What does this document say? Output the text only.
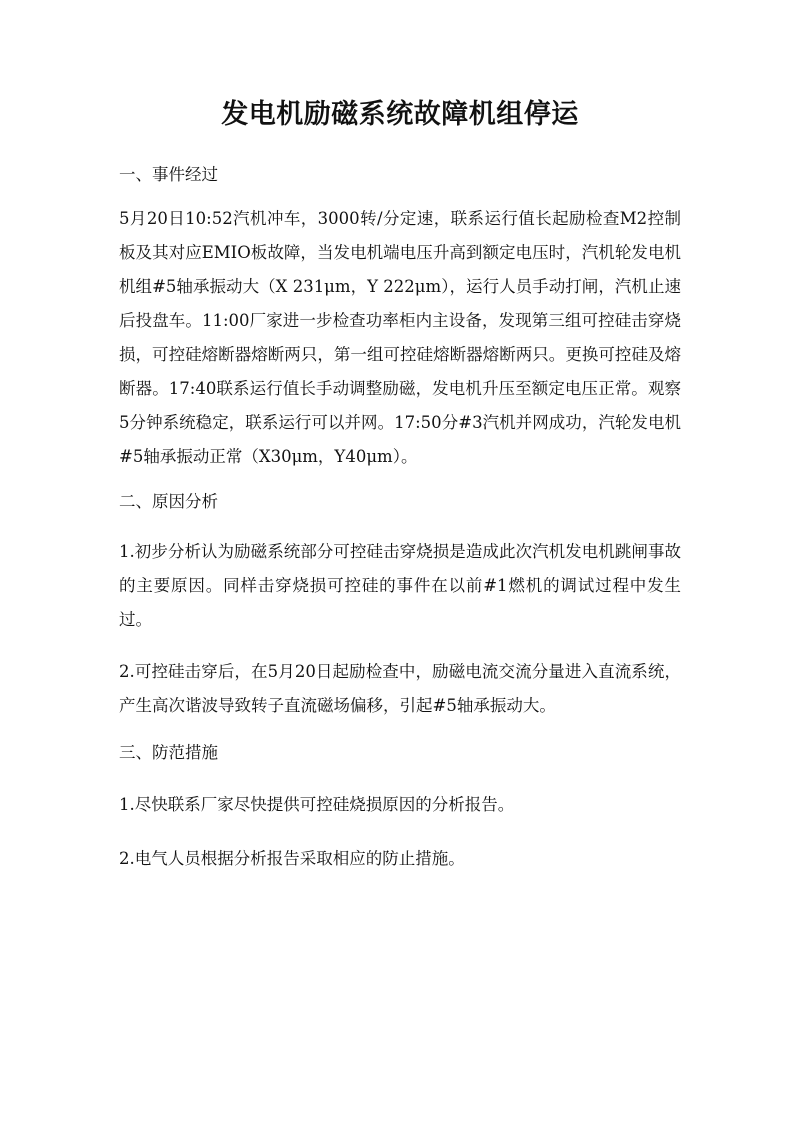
发电机励磁系统故障机组停运

一、事件经过

5月20日10:52汽机冲车，3000转/分定速，联系运行值长起励检查M2控制板及其对应EMIO板故障，当发电机端电压升高到额定电压时，汽机轮发电机机组#5轴承振动大（X 231μm，Y 222μm），运行人员手动打闸，汽机止速后投盘车。11:00厂家进一步检查功率柜内主设备，发现第三组可控硅击穿烧损，可控硅熔断器熔断两只，第一组可控硅熔断器熔断两只。更换可控硅及熔断器。17:40联系运行值长手动调整励磁，发电机升压至额定电压正常。观察5分钟系统稳定，联系运行可以并网。17:50分#3汽机并网成功，汽轮发电机#5轴承振动正常（X30μm，Y40μm）。

二、原因分析

1.初步分析认为励磁系统部分可控硅击穿烧损是造成此次汽机发电机跳闸事故的主要原因。同样击穿烧损可控硅的事件在以前#1燃机的调试过程中发生过。

2.可控硅击穿后，在5月20日起励检查中，励磁电流交流分量进入直流系统，产生高次谐波导致转子直流磁场偏移，引起#5轴承振动大。

三、防范措施

1.尽快联系厂家尽快提供可控硅烧损原因的分析报告。

2.电气人员根据分析报告采取相应的防止措施。
